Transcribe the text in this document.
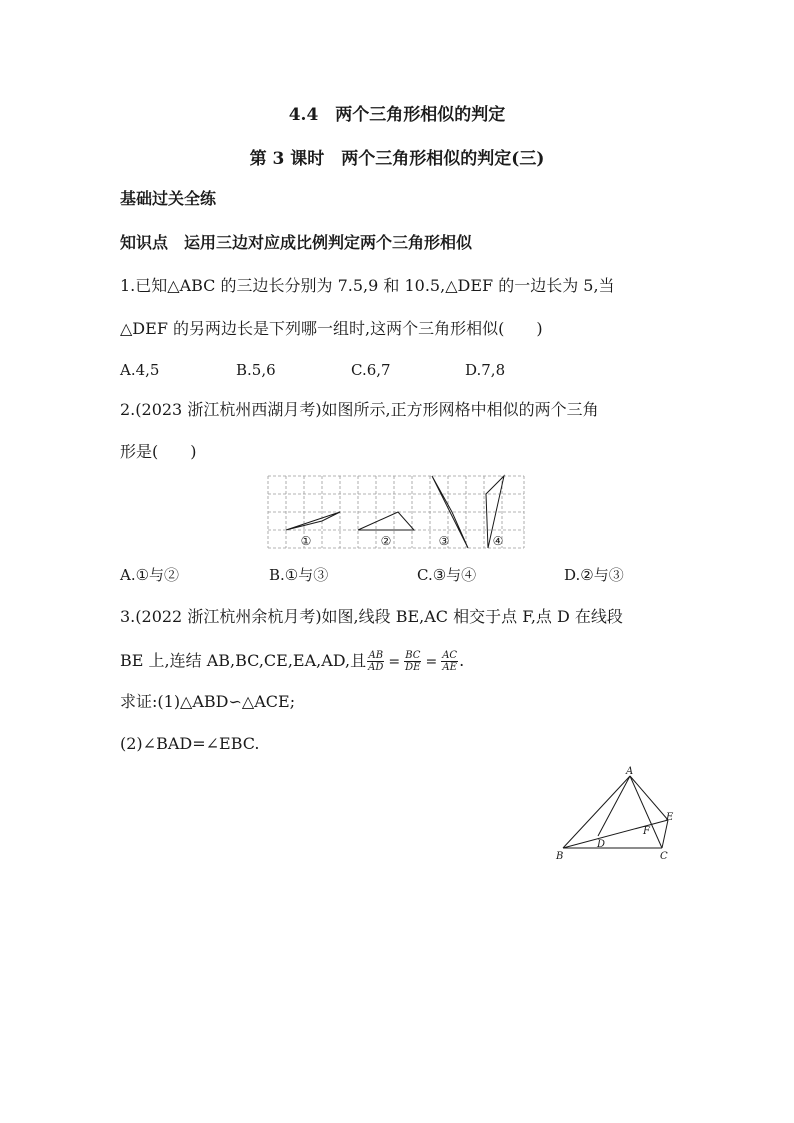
4.4　两个三角形相似的判定
第 3 课时　两个三角形相似的判定(三)
基础过关全练
知识点　运用三边对应成比例判定两个三角形相似
1.已知△ABC 的三边长分别为 7.5,9 和 10.5,△DEF 的一边长为 5,当
△DEF 的另两边长是下列哪一组时,这两个三角形相似(　　)
A.4,5	B.5,6	C.6,7	D.7,8
2.(2023 浙江杭州西湖月考)如图所示,正方形网格中相似的两个三角
形是(　　)
①	②	③	④
A.①与②	B.①与③	C.③与④	D.②与③
3.(2022 浙江杭州余杭月考)如图,线段 BE,AC 相交于点 F,点 D 在线段
BE 上,连结 AB,BC,CE,EA,AD,且 $\frac{AB}{AD} = \frac{BC}{DE} = \frac{AC}{AE}$ .
求证:(1)△ABD∽△ACE;
(2)∠BAD=∠EBC.
A
B	C
D
E
F
